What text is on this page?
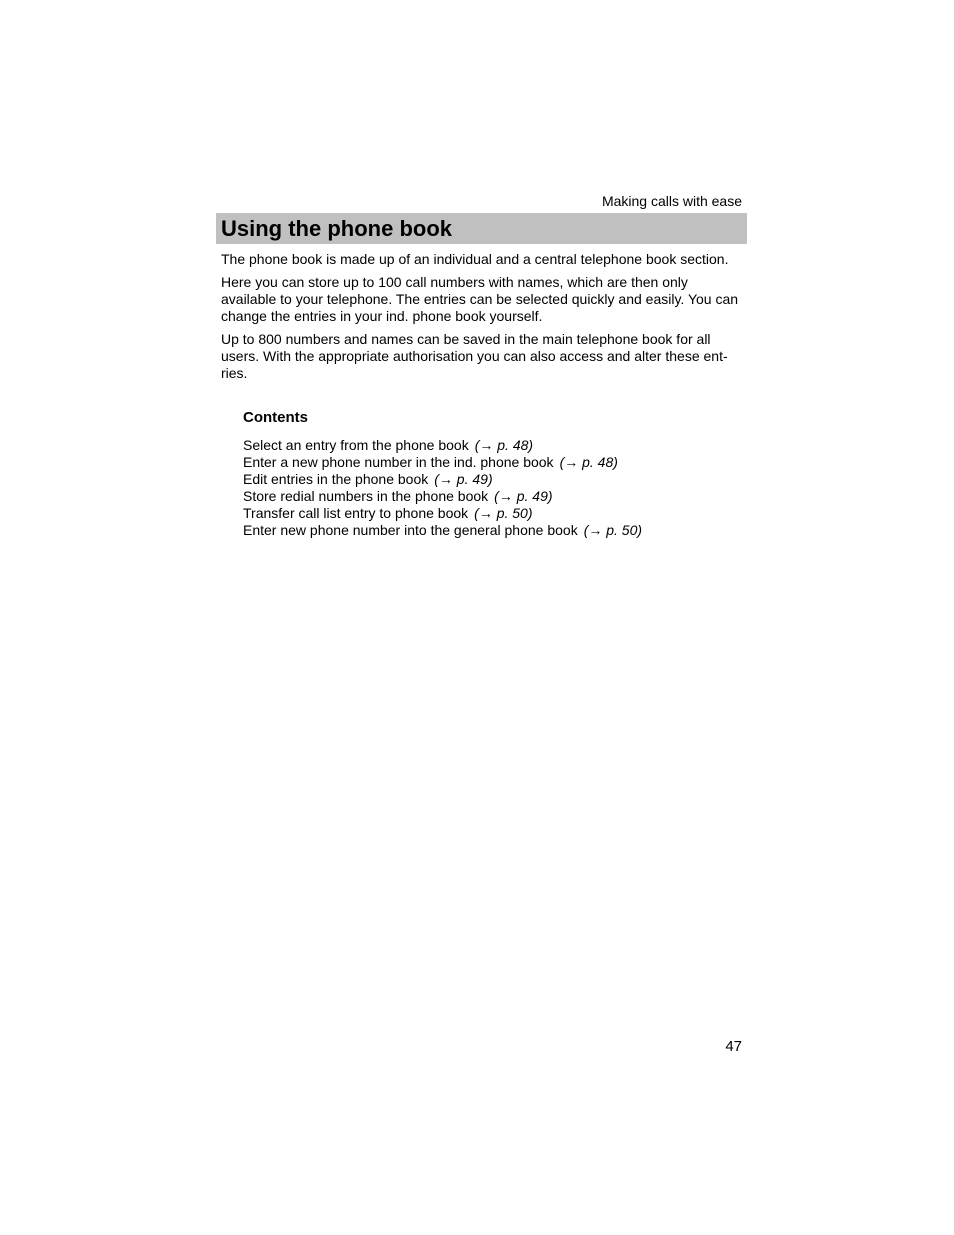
Making calls with ease
Using the phone book

The phone book is made up of an individual and a central telephone book section.

Here you can store up to 100 call numbers with names, which are then only available to your telephone. The entries can be selected quickly and easily. You can change the entries in your ind. phone book yourself.

Up to 800 numbers and names can be saved in the main telephone book for all users. With the appropriate authorisation you can also access and alter these ent-ries.

Contents
Select an entry from the phone book (→ p. 48)
Enter a new phone number in the ind. phone book (→ p. 48)
Edit entries in the phone book (→ p. 49)
Store redial numbers in the phone book (→ p. 49)
Transfer call list entry to phone book (→ p. 50)
Enter new phone number into the general phone book (→ p. 50)
47
